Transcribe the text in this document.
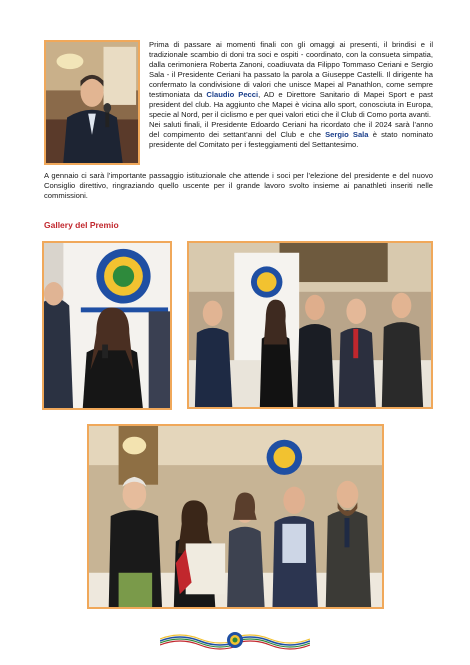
Prima di passare ai momenti finali con gli omaggi ai presenti, il brindisi e il tradizionale scambio di doni tra soci e ospiti - coordinato, con la consueta simpatia, dalla cerimoniera Roberta Zanoni, coadiuvata da Filippo Tommaso Ceriani e Sergio Sala - il Presidente Ceriani ha passato la parola a Giuseppe Castelli. Il dirigente ha confermato la condivisione di valori che unisce Mapei al Panathlon, come sempre testimoniata da Claudio Pecci, AD e Direttore Sanitario di Mapei Sport e past president del club. Ha aggiunto che Mapei è vicina allo sport, conosciuta in Europa, specie al Nord, per il ciclismo e per quei valori etici che il Club di Como porta avanti.
Nei saluti finali, il Presidente Edoardo Ceriani ha ricordato che il 2024 sarà l’anno del compimento dei settant’anni del Club e che Sergio Sala è stato nominato presidente del Comitato per i festeggiamenti del Settantesimo.

A gennaio ci sarà l’importante passaggio istituzionale che attende i soci per l’elezione del presidente e del nuovo Consiglio direttivo, ringraziando quello uscente per il grande lavoro svolto insieme ai panathleti inseriti nelle commissioni.

Gallery del Premio
